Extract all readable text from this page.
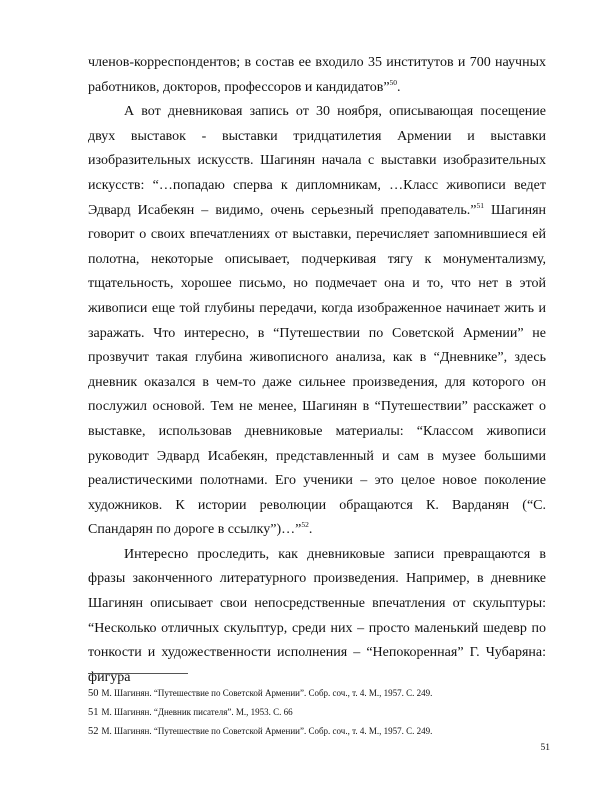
членов-корреспондентов; в состав ее входило 35 институтов и 700 научных работников, докторов, профессоров и кандидатов”$^{50}$.

А вот дневниковая запись от 30 ноября, описывающая посещение двух выставок - выставки тридцатилетия Армении и выставки изобразительных искусств. Шагинян начала с выставки изобразительных искусств: “…попадаю сперва к дипломникам, …Класс живописи ведет Эдвард Исабекян – видимо, очень серьезный преподаватель.”$^{51}$ Шагинян говорит о своих впечатлениях от выставки, перечисляет запомнившиеся ей полотна, некоторые описывает, подчеркивая тягу к монументализму, тщательность, хорошее письмо, но подмечает она и то, что нет в этой живописи еще той глубины передачи, когда изображенное начинает жить и заражать. Что интересно, в “Путешествии по Советской Армении” не прозвучит такая глубина живописного анализа, как в “Дневнике”, здесь дневник оказался в чем-то даже сильнее произведения, для которого он послужил основой. Тем не менее, Шагинян в “Путешествии” расскажет о выставке, использовав дневниковые материалы: “Классом живописи руководит Эдвард Исабекян, представленный и сам в музее большими реалистическими полотнами. Его ученики – это целое новое поколение художников. К истории революции обращаются К. Варданян (“С. Спандарян по дороге в ссылку”)…”$^{52}$.

Интересно проследить, как дневниковые записи превращаются в фразы законченного литературного произведения. Например, в дневнике Шагинян описывает свои непосредственные впечатления от скульптуры: “Несколько отличных скульптур, среди них – просто маленький шедевр по тонкости и художественности исполнения – “Непокоренная” Г. Чубаряна: фигура

50 М. Шагинян. “Путешествие по Советской Армении”. Собр. соч., т. 4. М., 1957. С. 249.
51 М. Шагинян. “Дневник писателя”. М., 1953. С. 66
52 М. Шагинян. “Путешествие по Советской Армении”. Собр. соч., т. 4. М., 1957. С. 249.
51
